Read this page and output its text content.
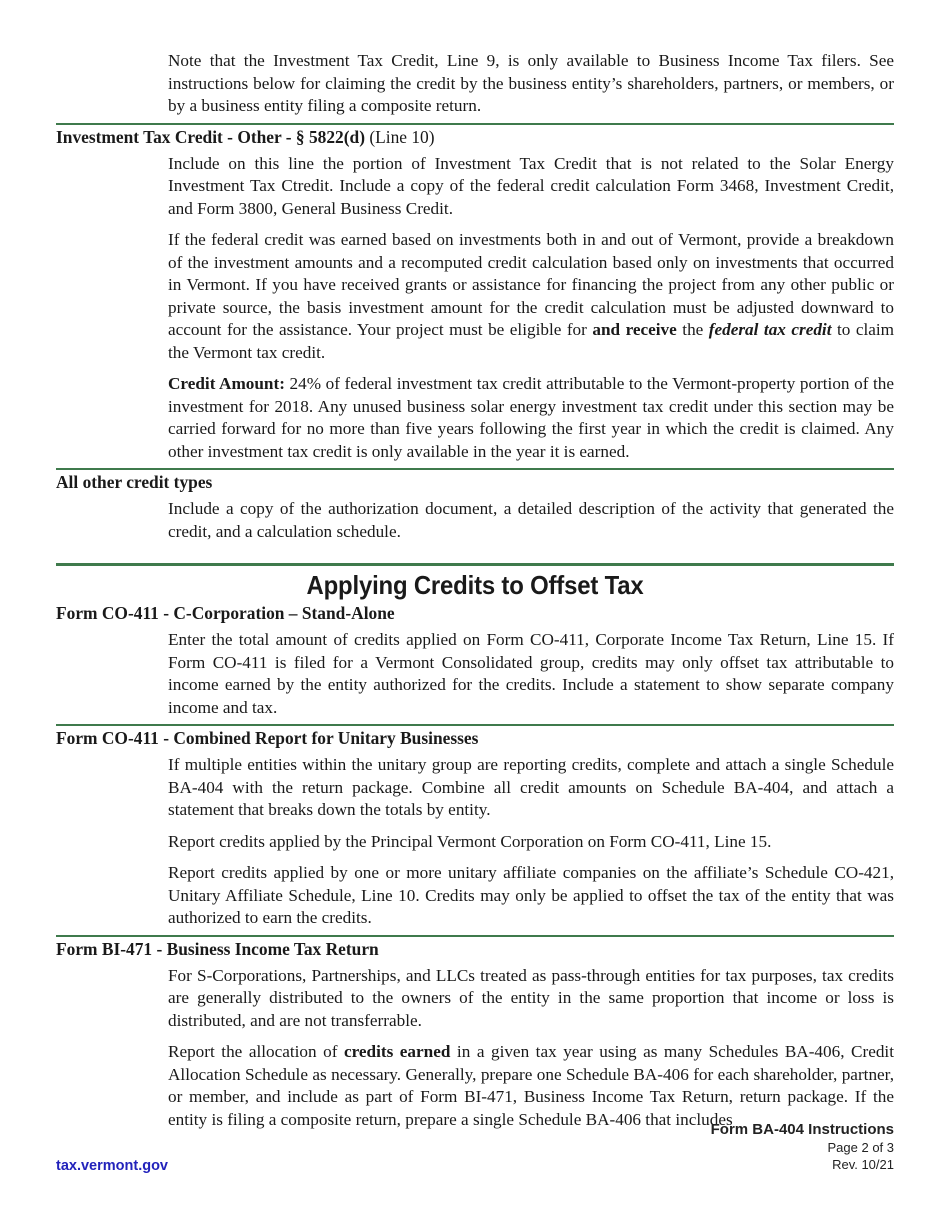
Note that the Investment Tax Credit, Line 9, is only available to Business Income Tax filers. See instructions below for claiming the credit by the business entity’s shareholders, partners, or members, or by a business entity filing a composite return.

Investment Tax Credit - Other - § 5822(d) (Line 10)

Include on this line the portion of Investment Tax Credit that is not related to the Solar Energy Investment Tax Ctredit. Include a copy of the federal credit calculation Form 3468, Investment Credit, and Form 3800, General Business Credit.

If the federal credit was earned based on investments both in and out of Vermont, provide a breakdown of the investment amounts and a recomputed credit calculation based only on investments that occurred in Vermont. If you have received grants or assistance for financing the project from any other public or private source, the basis investment amount for the credit calculation must be adjusted downward to account for the assistance. Your project must be eligible for and receive the federal tax credit to claim the Vermont tax credit.

Credit Amount: 24% of federal investment tax credit attributable to the Vermont-property portion of the investment for 2018. Any unused business solar energy investment tax credit under this section may be carried forward for no more than five years following the first year in which the credit is claimed. Any other investment tax credit is only available in the year it is earned.

All other credit types

Include a copy of the authorization document, a detailed description of the activity that generated the credit, and a calculation schedule.

Applying Credits to Offset Tax
Form CO-411 - C-Corporation – Stand-Alone

Enter the total amount of credits applied on Form CO-411, Corporate Income Tax Return, Line 15. If Form CO-411 is filed for a Vermont Consolidated group, credits may only offset tax attributable to income earned by the entity authorized for the credits. Include a statement to show separate company income and tax.

Form CO-411 - Combined Report for Unitary Businesses

If multiple entities within the unitary group are reporting credits, complete and attach a single Schedule BA-404 with the return package. Combine all credit amounts on Schedule BA-404, and attach a statement that breaks down the totals by entity.

Report credits applied by the Principal Vermont Corporation on Form CO-411, Line 15.

Report credits applied by one or more unitary affiliate companies on the affiliate’s Schedule CO-421, Unitary Affiliate Schedule, Line 10. Credits may only be applied to offset the tax of the entity that was authorized to earn the credits.

Form BI-471 - Business Income Tax Return

For S-Corporations, Partnerships, and LLCs treated as pass-through entities for tax purposes, tax credits are generally distributed to the owners of the entity in the same proportion that income or loss is distributed, and are not transferrable.

Report the allocation of credits earned in a given tax year using as many Schedules BA-406, Credit Allocation Schedule as necessary. Generally, prepare one Schedule BA-406 for each shareholder, partner, or member, and include as part of Form BI-471, Business Income Tax Return, return package. If the entity is filing a composite return, prepare a single Schedule BA-406 that includes

Form BA-404 Instructions
Page 2 of 3
Rev. 10/21
tax.vermont.gov
